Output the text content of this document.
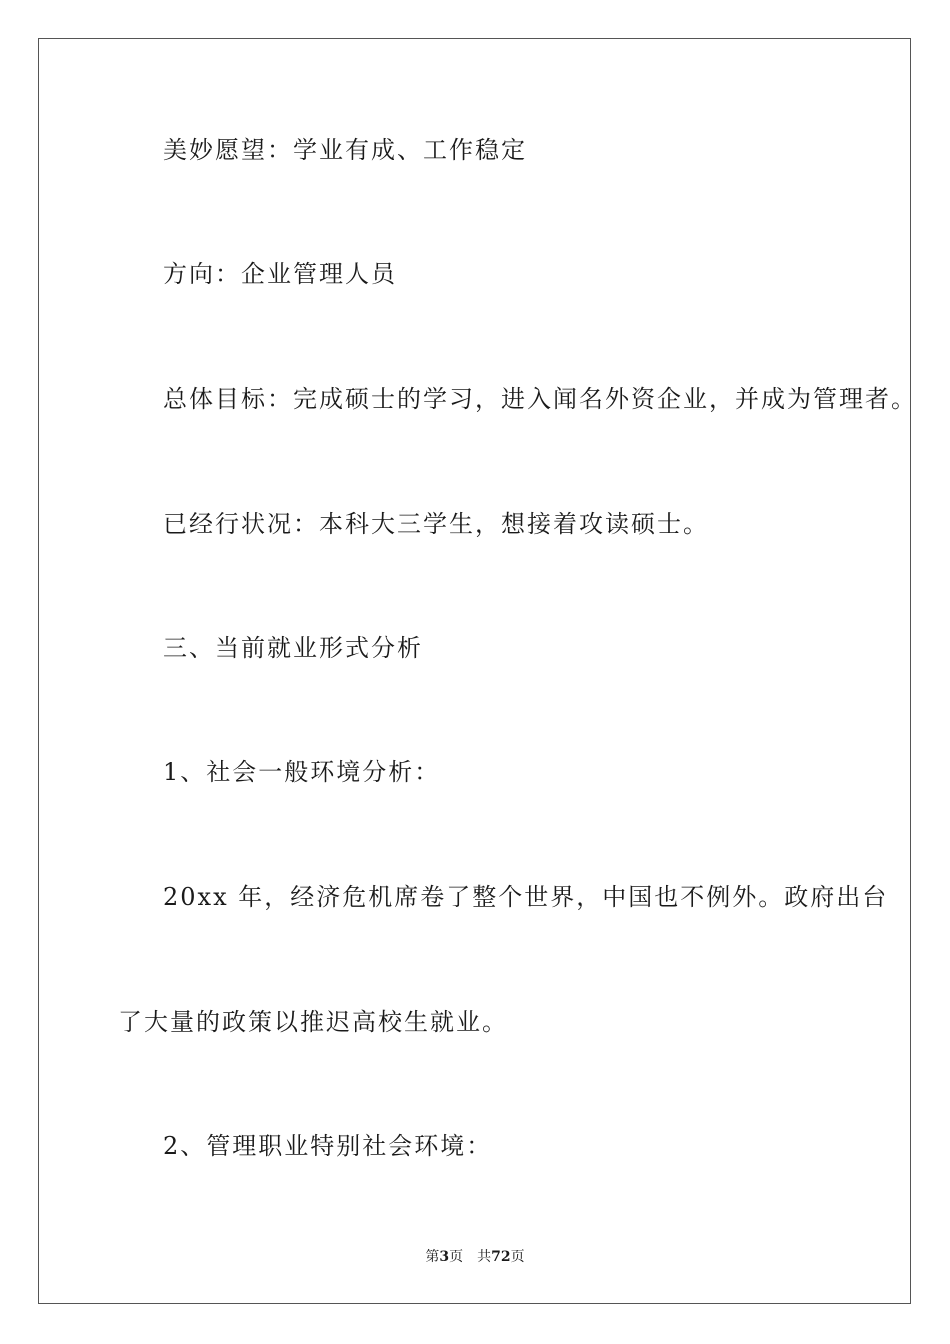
美妙愿望：学业有成、工作稳定
方向：企业管理人员
总体目标：完成硕士的学习，进入闻名外资企业，并成为管理者。
已经行状况：本科大三学生，想接着攻读硕士。
三、当前就业形式分析
1、社会一般环境分析：
20xx 年，经济危机席卷了整个世界，中国也不例外。政府出台
了大量的政策以推迟高校生就业。
2、管理职业特别社会环境：
第3页 共72页
